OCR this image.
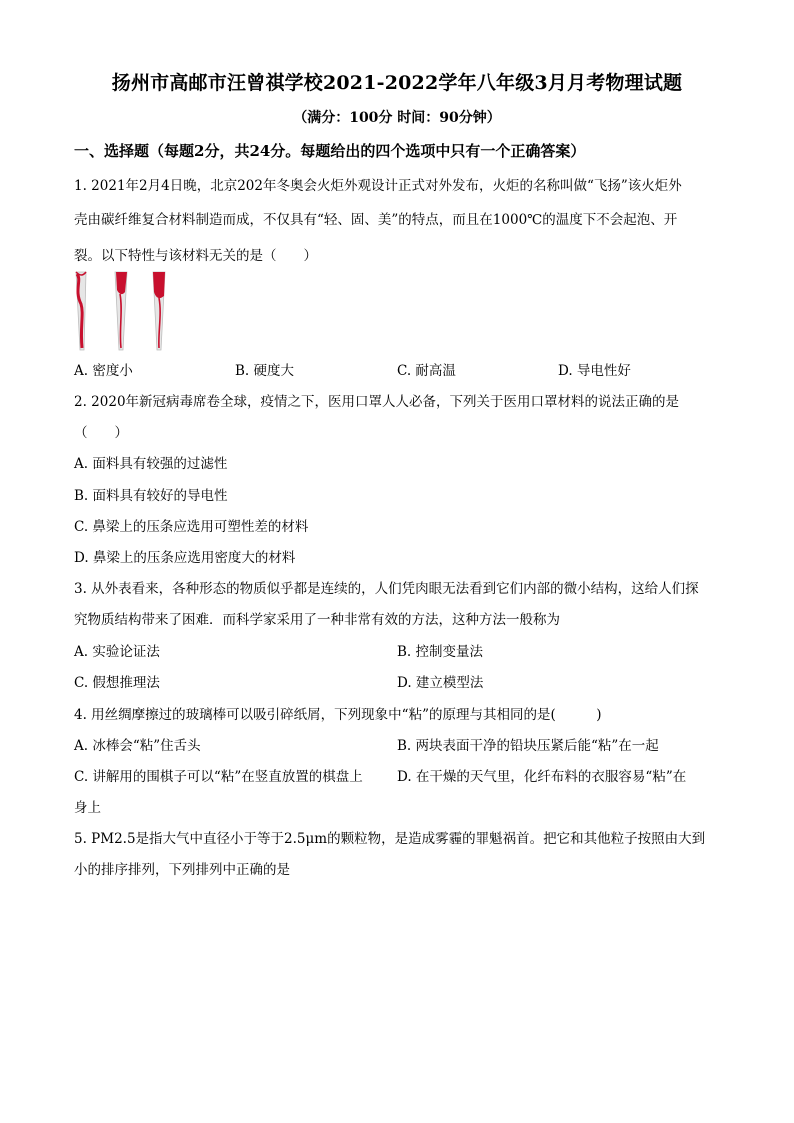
扬州市高邮市汪曾祺学校2021-2022学年八年级3月月考物理试题
（满分：100分 时间：90分钟）
一、选择题（每题2分，共24分。每题给出的四个选项中只有一个正确答案）
1. 2021年2月4日晚，北京202年冬奥会火炬外观设计正式对外发布，火炬的名称叫做“飞扬”该火炬外
壳由碳纤维复合材料制造而成，不仅具有“轻、固、美”的特点，而且在1000℃的温度下不会起泡、开
裂。以下特性与该材料无关的是（　　）
A. 密度小	B. 硬度大	C. 耐高温	D. 导电性好
2. 2020年新冠病毒席卷全球，疫情之下，医用口罩人人必备，下列关于医用口罩材料的说法正确的是
（　　）
A. 面料具有较强的过滤性
B. 面料具有较好的导电性
C. 鼻梁上的压条应选用可塑性差的材料
D. 鼻梁上的压条应选用密度大的材料
3. 从外表看来，各种形态的物质似乎都是连续的，人们凭肉眼无法看到它们内部的微小结构，这给人们探
究物质结构带来了困难．而科学家采用了一种非常有效的方法，这种方法一般称为
A. 实验论证法	B. 控制变量法
C. 假想推理法	D. 建立模型法
4. 用丝绸摩擦过的玻璃棒可以吸引碎纸屑，下列现象中“粘”的原理与其相同的是(　　　)
A. 冰棒会“粘”住舌头	B. 两块表面干净的铅块压紧后能“粘”在一起
C. 讲解用的围棋子可以“粘”在竖直放置的棋盘上	D. 在干燥的天气里，化纤布料的衣服容易“粘”在
身上
5. PM2.5是指大气中直径小于等于2.5μm的颗粒物，是造成雾霾的罪魁祸首。把它和其他粒子按照由大到
小的排序排列，下列排列中正确的是
